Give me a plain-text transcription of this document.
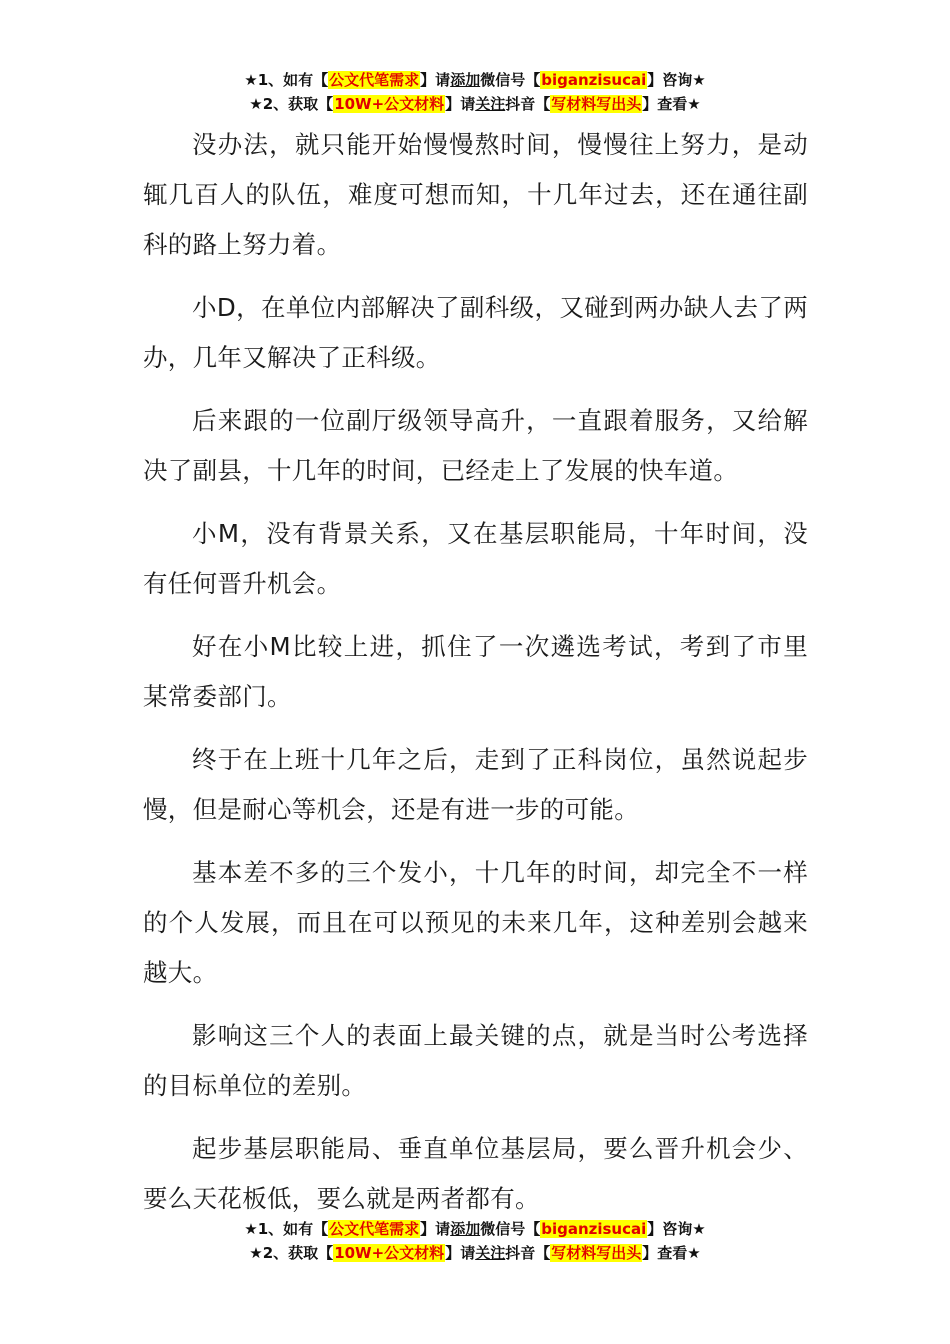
★1、如有【公文代笔需求】请添加微信号【biganzisucai】咨询★
★2、获取【10W+公文材料】请关注抖音【写材料写出头】查看★

没办法，就只能开始慢慢熬时间，慢慢往上努力，是动辄几百人的队伍，难度可想而知，十几年过去，还在通往副科的路上努力着。

小D，在单位内部解决了副科级，又碰到两办缺人去了两办，几年又解决了正科级。

后来跟的一位副厅级领导高升，一直跟着服务，又给解决了副县，十几年的时间，已经走上了发展的快车道。

小M，没有背景关系，又在基层职能局，十年时间，没有任何晋升机会。

好在小M比较上进，抓住了一次遴选考试，考到了市里某常委部门。

终于在上班十几年之后，走到了正科岗位，虽然说起步慢，但是耐心等机会，还是有进一步的可能。

基本差不多的三个发小，十几年的时间，却完全不一样的个人发展，而且在可以预见的未来几年，这种差别会越来越大。

影响这三个人的表面上最关键的点，就是当时公考选择的目标单位的差别。

起步基层职能局、垂直单位基层局，要么晋升机会少、要么天花板低，要么就是两者都有。

★1、如有【公文代笔需求】请添加微信号【biganzisucai】咨询★
★2、获取【10W+公文材料】请关注抖音【写材料写出头】查看★
